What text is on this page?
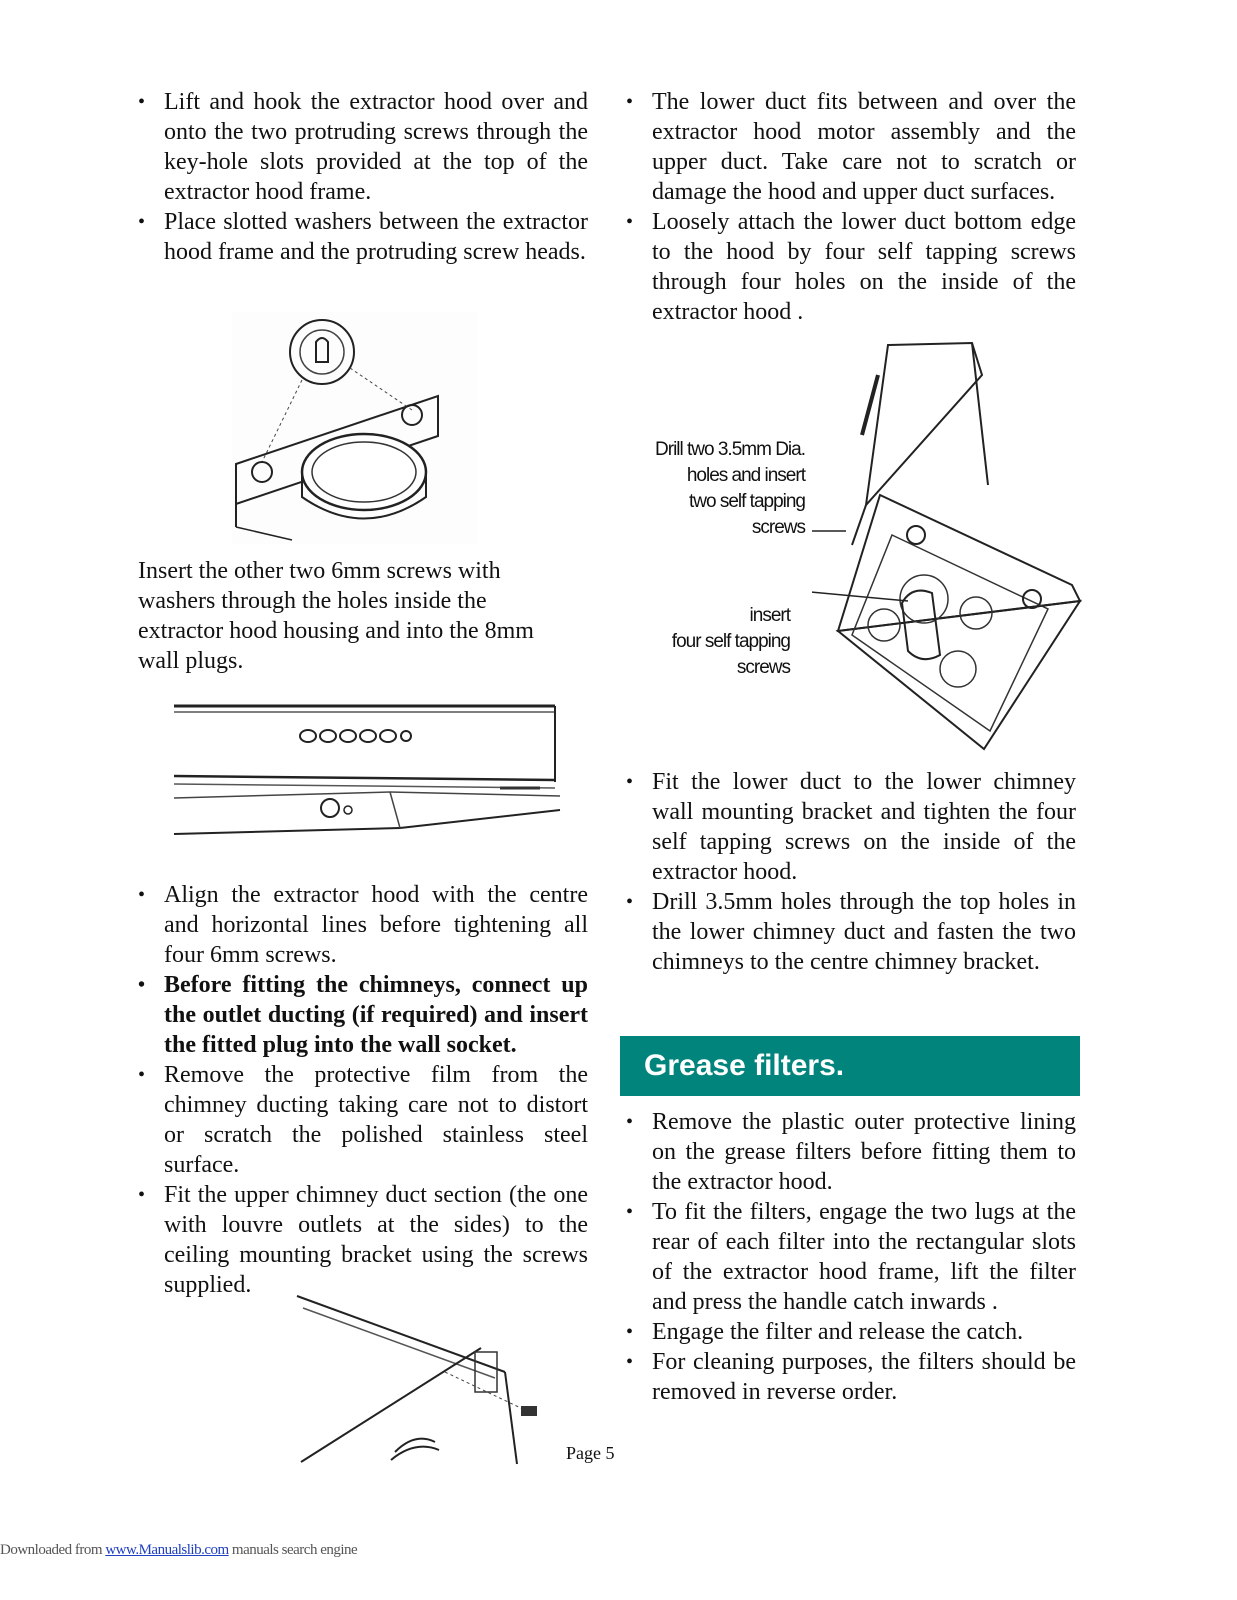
• Lift and hook the extractor hood over and onto the two protruding screws through the key-hole slots provided at the top of the extractor hood frame.
• Place slotted washers between the extractor hood frame and the protruding screw heads.

Insert the other two 6mm screws with washers through the holes inside the extractor hood housing and into the 8mm wall plugs.

• Align the extractor hood with the centre and horizontal lines before tightening all four 6mm screws.
• Before fitting the chimneys, connect up the outlet ducting (if required) and insert the fitted plug into the wall socket.
• Remove the protective film from the chimney ducting taking care not to distort or scratch the polished stainless steel surface.
• Fit the upper chimney duct section (the one with louvre outlets at the sides) to the ceiling mounting bracket using the screws supplied.
• The lower duct fits between and over the extractor hood motor assembly and the upper duct. Take care not to scratch or damage the hood and upper duct surfaces.
• Loosely attach the lower duct bottom edge to the hood by four self tapping screws through four holes on the inside of the extractor hood .
Drill two 3.5mm Dia.
holes and insert
two self tapping
screws
insert
four self tapping
screws
• Fit the lower duct to the lower chimney wall mounting bracket and tighten the four self tapping screws on the inside of the extractor hood.
• Drill 3.5mm holes through the top holes in the lower chimney duct and fasten the two chimneys to the centre chimney bracket.
Grease filters.
• Remove the plastic outer protective lining on the grease filters before fitting them to the extractor hood.
• To fit the filters, engage the two lugs at the rear of each filter into the rectangular slots of the extractor hood frame, lift the filter and press the handle catch inwards .
• Engage the filter and release the catch.
• For cleaning purposes, the filters should be removed in reverse order.
Page 5
Downloaded from www.Manualslib.com manuals search engine
